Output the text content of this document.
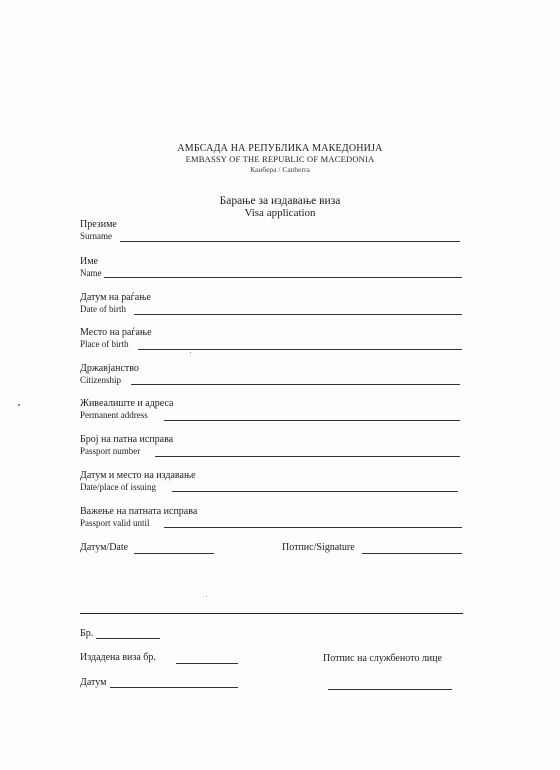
АМБСАДА НА РЕПУБЛИКА МАКЕДОНИЈА
EMBASSY OF THE REPUBLIC OF MACEDONIA
Канбера / Canberra
Барање за издавање виза
Visa application
Презиме
Surname
Име
Name
Датум на раѓање
Date of birth
Место на раѓање
Place of birth
Државјанство
Citizenship
Живеалиште и адреса
Permanent address
Број на патна исправа
Passport number
Датум и место на издавање
Date/place of issuing
Важење на патната исправа
Passport valid until
Датум/Date	Потпис/Signature
Бр.
Издадена виза бр.	Потпис на службеното лице
Датум
